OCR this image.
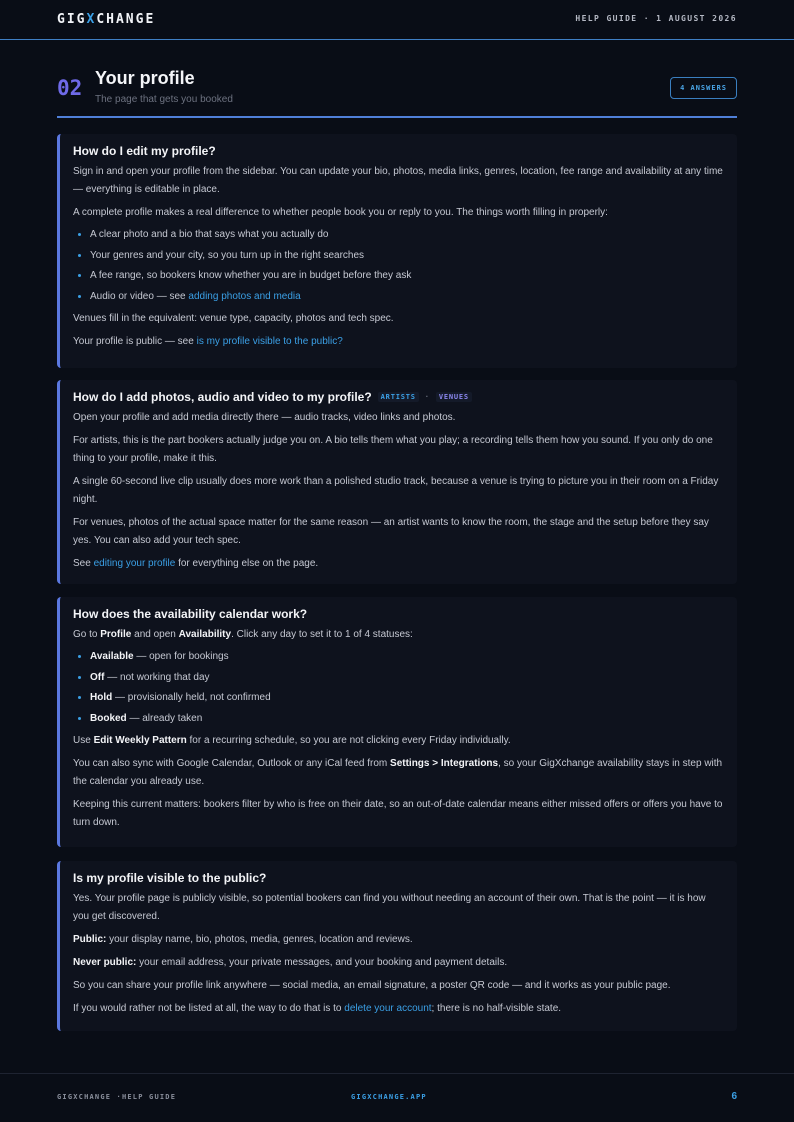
GIGXCHANGE	HELP GUIDE · 1 AUGUST 2026
02 Your profile
The page that gets you booked
4 ANSWERS
How do I edit my profile?

Sign in and open your profile from the sidebar. You can update your bio, photos, media links, genres, location, fee range and availability at any time — everything is editable in place.

A complete profile makes a real difference to whether people book you or reply to you. The things worth filling in properly:

A clear photo and a bio that says what you actually do
Your genres and your city, so you turn up in the right searches
A fee range, so bookers know whether you are in budget before they ask
Audio or video — see adding photos and media

Venues fill in the equivalent: venue type, capacity, photos and tech spec.

Your profile is public — see is my profile visible to the public?

How do I add photos, audio and video to my profile? ARTISTS · VENUES

Open your profile and add media directly there — audio tracks, video links and photos.

For artists, this is the part bookers actually judge you on. A bio tells them what you play; a recording tells them how you sound. If you only do one thing to your profile, make it this.

A single 60-second live clip usually does more work than a polished studio track, because a venue is trying to picture you in their room on a Friday night.

For venues, photos of the actual space matter for the same reason — an artist wants to know the room, the stage and the setup before they say yes. You can also add your tech spec.

See editing your profile for everything else on the page.

How does the availability calendar work?

Go to Profile and open Availability. Click any day to set it to 1 of 4 statuses:

Available — open for bookings
Off — not working that day
Hold — provisionally held, not confirmed
Booked — already taken

Use Edit Weekly Pattern for a recurring schedule, so you are not clicking every Friday individually.

You can also sync with Google Calendar, Outlook or any iCal feed from Settings > Integrations, so your GigXchange availability stays in step with the calendar you already use.

Keeping this current matters: bookers filter by who is free on their date, so an out-of-date calendar means either missed offers or offers you have to turn down.

Is my profile visible to the public?

Yes. Your profile page is publicly visible, so potential bookers can find you without needing an account of their own. That is the point — it is how you get discovered.

Public: your display name, bio, photos, media, genres, location and reviews.

Never public: your email address, your private messages, and your booking and payment details.

So you can share your profile link anywhere — social media, an email signature, a poster QR code — and it works as your public page.

If you would rather not be listed at all, the way to do that is to delete your account; there is no half-visible state.

GIGXCHANGE ·HELP GUIDE	GIGXCHANGE.APP	6
